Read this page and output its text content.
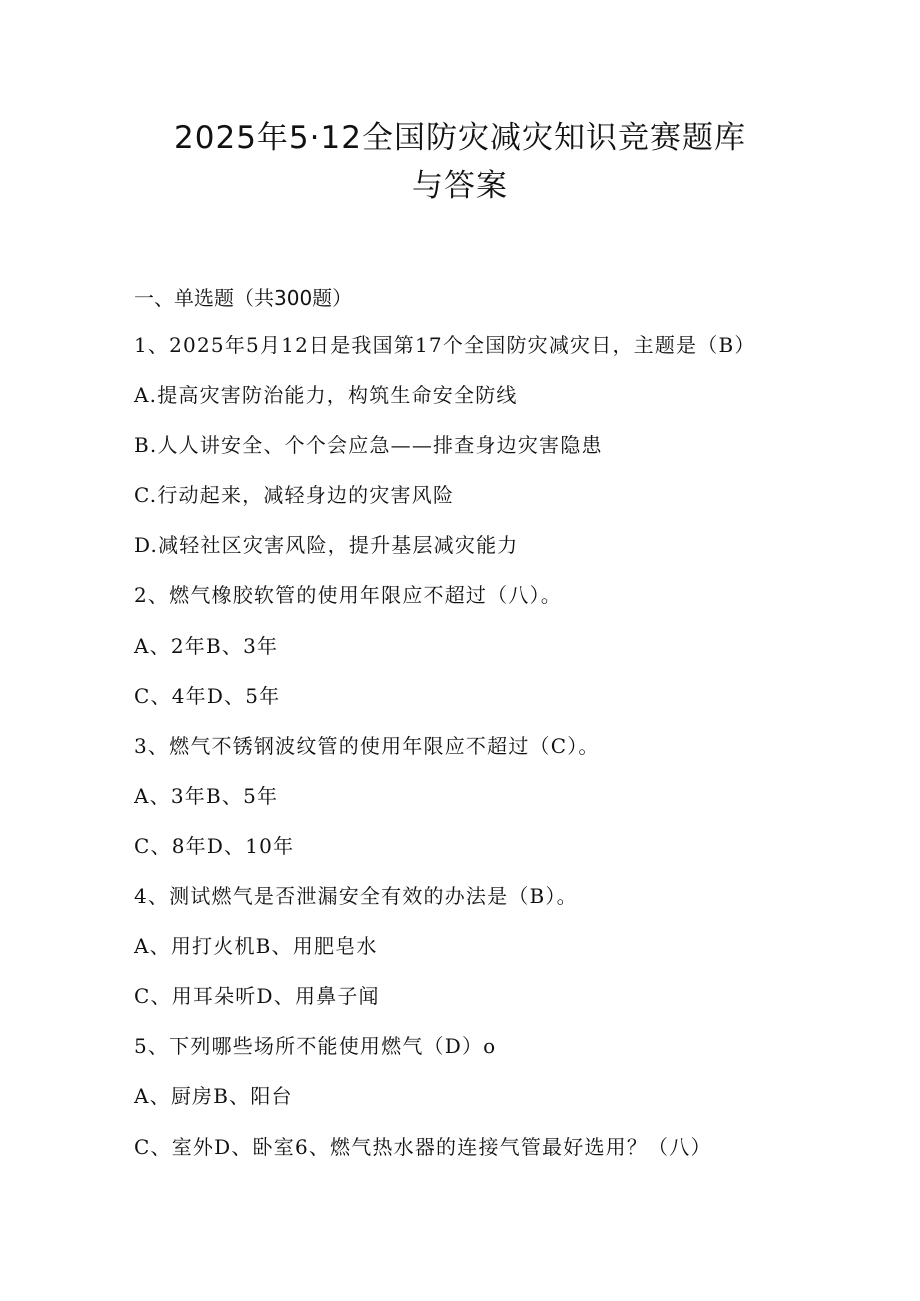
2025年5·12全国防灾减灾知识竞赛题库
与答案
一、单选题（共300题）
1、2025年5月12日是我国第17个全国防灾减灾日，主题是（B）
A.提高灾害防治能力，构筑生命安全防线
B.人人讲安全、个个会应急——排查身边灾害隐患
C.行动起来，减轻身边的灾害风险
D.减轻社区灾害风险，提升基层减灾能力
2、燃气橡胶软管的使用年限应不超过（八）。
A、2年B、3年
C、4年D、5年
3、燃气不锈钢波纹管的使用年限应不超过（C）。
A、3年B、5年
C、8年D、10年
4、测试燃气是否泄漏安全有效的办法是（B）。
A、用打火机B、用肥皂水
C、用耳朵听D、用鼻子闻
5、下列哪些场所不能使用燃气（D）o
A、厨房B、阳台
C、室外D、卧室6、燃气热水器的连接气管最好选用？（八）
